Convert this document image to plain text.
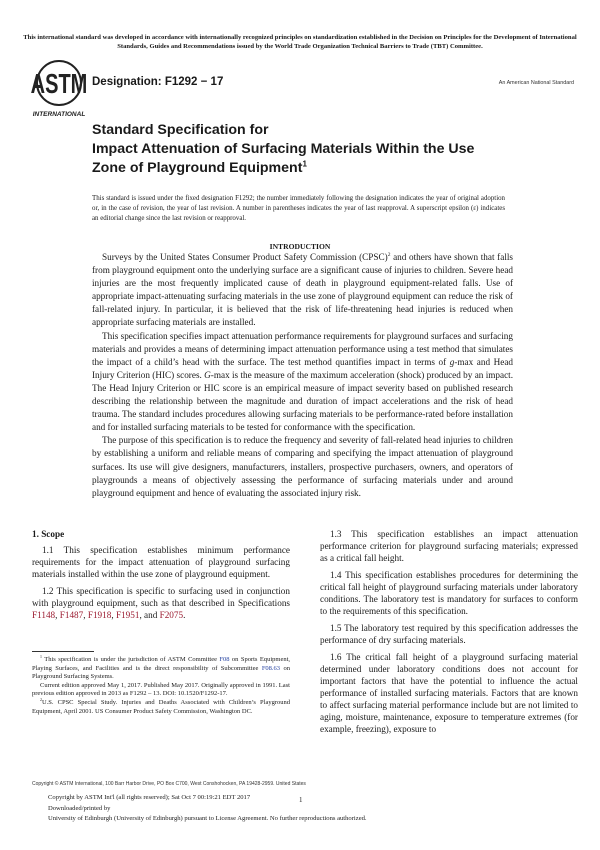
This international standard was developed in accordance with internationally recognized principles on standardization established in the Decision on Principles for the Development of International Standards, Guides and Recommendations issued by the World Trade Organization Technical Barriers to Trade (TBT) Committee.
ASTM
INTERNATIONAL
Designation: F1292 − 17	An American National Standard
Standard Specification for
Impact Attenuation of Surfacing Materials Within the Use
Zone of Playground Equipment$^1$
This standard is issued under the fixed designation F1292; the number immediately following the designation indicates the year of original adoption or, in the case of revision, the year of last revision. A number in parentheses indicates the year of last reapproval. A superscript epsilon (ε) indicates an editorial change since the last revision or reapproval.
INTRODUCTION

Surveys by the United States Consumer Product Safety Commission (CPSC)$^2$ and others have shown that falls from playground equipment onto the underlying surface are a significant cause of injuries to children. Severe head injuries are the most frequently implicated cause of death in playground equipment-related falls. Use of appropriate impact-attenuating surfacing materials in the use zone of playground equipment can reduce the risk of fall-related injury. In particular, it is believed that the risk of life-threatening head injuries is reduced when appropriate surfacing materials are installed.

This specification specifies impact attenuation performance requirements for playground surfaces and surfacing materials and provides a means of determining impact attenuation performance using a test method that simulates the impact of a child’s head with the surface. The test method quantifies impact in terms of g-max and Head Injury Criterion (HIC) scores. G-max is the measure of the maximum acceleration (shock) produced by an impact. The Head Injury Criterion or HIC score is an empirical measure of impact severity based on published research describing the relationship between the magnitude and duration of impact accelerations and the risk of head trauma. The standard includes procedures allowing surfacing materials to be performance-rated before installation and for installed surfacing materials to be tested for conformance with the specification.

The purpose of this specification is to reduce the frequency and severity of fall-related head injuries to children by establishing a uniform and reliable means of comparing and specifying the impact attenuation of playground surfaces. Its use will give designers, manufacturers, installers, prospective purchasers, owners, and operators of playgrounds a means of objectively assessing the performance of surfacing materials under and around playground equipment and hence of evaluating the associated injury risk.

1. Scope

1.1 This specification establishes minimum performance requirements for the impact attenuation of playground surfacing materials installed within the use zone of playground equipment.

1.2 This specification is specific to surfacing used in conjunction with playground equipment, such as that described in Specifications F1148, F1487, F1918, F1951, and F2075.

1.3 This specification establishes an impact attenuation performance criterion for playground surfacing materials; expressed as a critical fall height.

1.4 This specification establishes procedures for determining the critical fall height of playground surfacing materials under laboratory conditions. The laboratory test is mandatory for surfaces to conform to the requirements of this specification.

1.5 The laboratory test required by this specification addresses the performance of dry surfacing materials.

1.6 The critical fall height of a playground surfacing material determined under laboratory conditions does not account for important factors that have the potential to influence the actual performance of installed surfacing materials. Factors that are known to affect surfacing material performance include but are not limited to aging, moisture, maintenance, exposure to temperature extremes (for example, freezing), exposure to

$^1$ This specification is under the jurisdiction of ASTM Committee F08 on Sports Equipment, Playing Surfaces, and Facilities and is the direct responsibility of Subcommittee F08.63 on Playground Surfacing Systems.

Current edition approved May 1, 2017. Published May 2017. Originally approved in 1991. Last previous edition approved in 2013 as F1292 – 13. DOI: 10.1520/F1292-17.

$^2$U.S. CPSC Special Study. Injuries and Deaths Associated with Children’s Playground Equipment, April 2001. US Consumer Product Safety Commission, Washington DC.

Copyright © ASTM International, 100 Barr Harbor Drive, PO Box C700, West Conshohocken, PA 19428-2959. United States
Copyright by ASTM Int'l (all rights reserved); Sat Oct 7 00:19:21 EDT 2017
Downloaded/printed by
University of Edinburgh (University of Edinburgh) pursuant to License Agreement. No further reproductions authorized.
1
